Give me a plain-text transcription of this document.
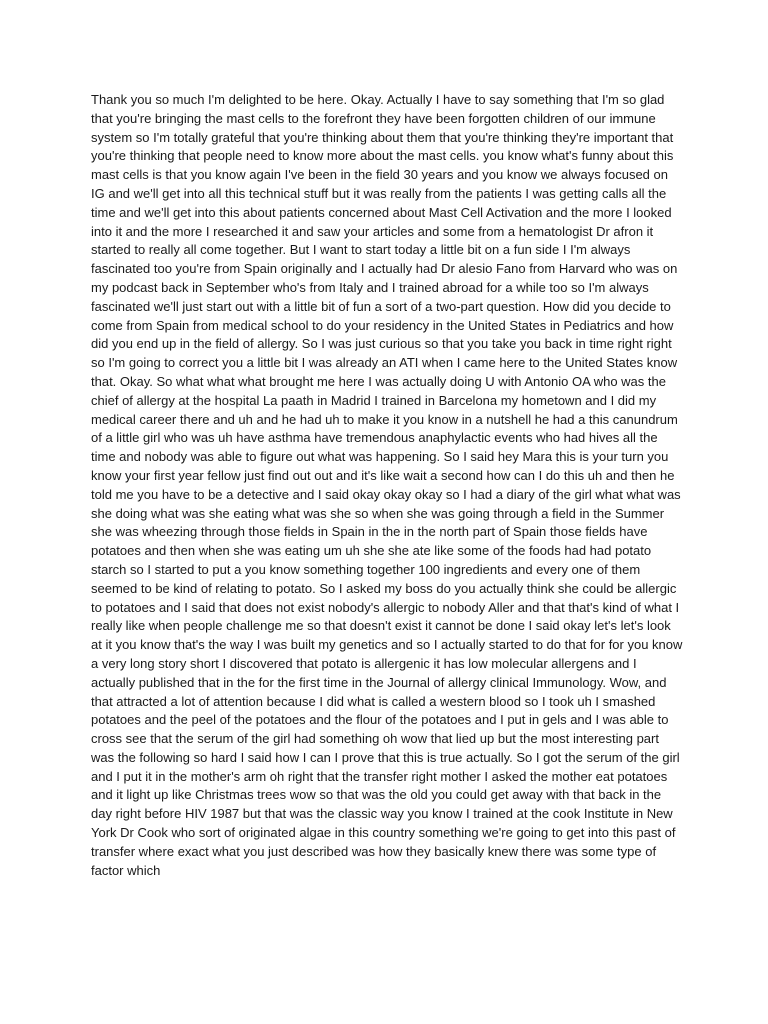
Thank you so much I'm delighted to be here. Okay. Actually I have to say something that I'm so glad that you're bringing the mast cells to the forefront they have been forgotten children of our immune system so I'm totally grateful that you're thinking about them that you're thinking they're important that you're thinking that people need to know more about the mast cells. you know what's funny about this mast cells is that you know again I've been in the field 30 years and you know we always focused on IG and we'll get into all this technical stuff but it was really from the patients I was getting calls all the time and we'll get into this about patients concerned about Mast Cell Activation and the more I looked into it and the more I researched it and saw your articles and some from a hematologist Dr afron it started to really all come together. But I want to start today a little bit on a fun side I I'm always fascinated too you're from Spain originally and I actually had Dr alesio Fano from Harvard who was on my podcast back in September who's from Italy and I trained abroad for a while too so I'm always fascinated we'll just start out with a little bit of fun a sort of a two-part question. How did you decide to come from Spain from medical school to do your residency in the United States in Pediatrics and how did you end up in the field of allergy. So I was just curious so that you take you back in time right right so I'm going to correct you a little bit I was already an ATI when I came here to the United States know that. Okay. So what what what brought me here I was actually doing U with Antonio OA who was the chief of allergy at the hospital La paath in Madrid I trained in Barcelona my hometown and I did my medical career there and uh and he had uh to make it you know in a nutshell he had a this canundrum of a little girl who was uh have asthma have tremendous anaphylactic events who had hives all the time and nobody was able to figure out what was happening. So I said hey Mara this is your turn you know your first year fellow just find out out and it's like wait a second how can I do this uh and then he told me you have to be a detective and I said okay okay okay so I had a diary of the girl what what was she doing what was she eating what was she so when she was going through a field in the Summer she was wheezing through those fields in Spain in the in the north part of Spain those fields have potatoes and then when she was eating um uh she she ate like some of the foods had had potato starch so I started to put a you know something together 100 ingredients and every one of them seemed to be kind of relating to potato. So I asked my boss do you actually think she could be allergic to potatoes and I said that does not exist nobody's allergic to nobody Aller and that that's kind of what I really like when people challenge me so that doesn't exist it cannot be done I said okay let's let's look at it you know that's the way I was built my genetics and so I actually started to do that for for you know a very long story short I discovered that potato is allergenic it has low molecular allergens and I actually published that in the for the first time in the Journal of allergy clinical Immunology. Wow, and that attracted a lot of attention because I did what is called a western blood so I took uh I smashed potatoes and the peel of the potatoes and the flour of the potatoes and I put in gels and I was able to cross see that the serum of the girl had something oh wow that lied up but the most interesting part was the following so hard I said how I can I prove that this is true actually. So I got the serum of the girl and I put it in the mother's arm oh right that the transfer right mother I asked the mother eat potatoes and it light up like Christmas trees wow so that was the old you could get away with that back in the day right before HIV 1987 but that was the classic way you know I trained at the cook Institute in New York Dr Cook who sort of originated algae in this country something we're going to get into this past of transfer where exact what you just described was how they basically knew there was some type of factor which
